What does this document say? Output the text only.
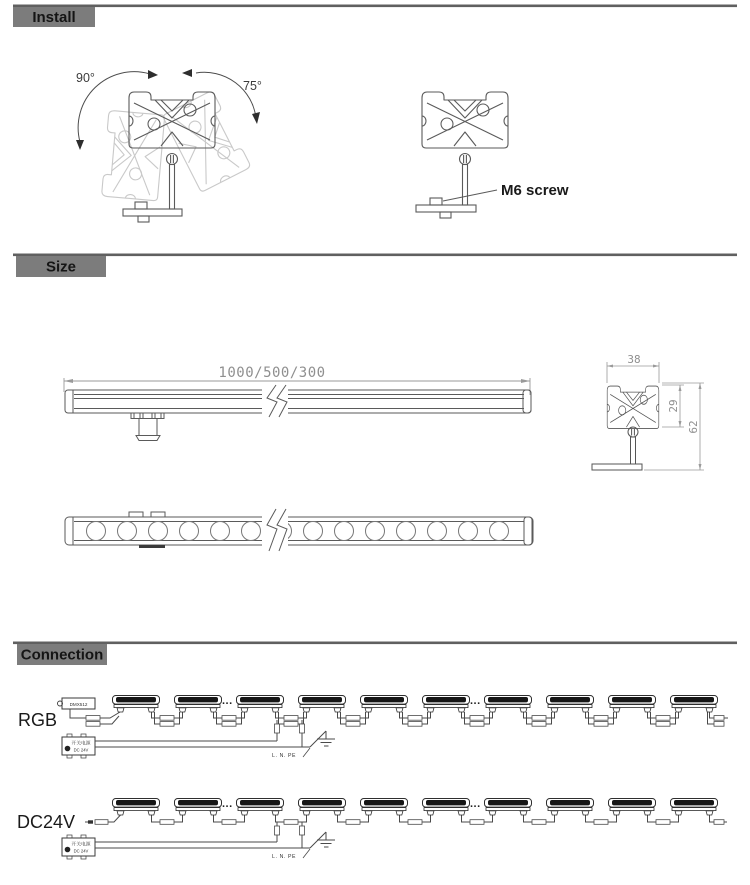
Install
Size
Connection
90°
75°
M6 screw
1000/500/300
38
29
62
RGB
DMX512	...	...
开关电源
DC 24V
L. N. PE
DC24V
...	...
开关电源
DC 24V
L. N. PE
